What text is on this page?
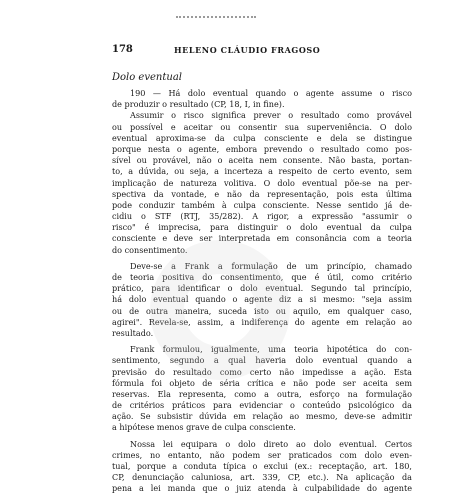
178	HELENO CLÁUDIO FRAGOSO
Dolo eventual
190 — Há dolo eventual quando o agente assume o risco
de produzir o resultado (CP, 18, I, in fine).
Assumir o risco significa prever o resultado como provável
ou possível e aceitar ou consentir sua superveniência. O dolo
eventual aproxima-se da culpa consciente e dela se distingue
porque nesta o agente, embora prevendo o resultado como pos-
sível ou provável, não o aceita nem consente. Não basta, portan-
to, a dúvida, ou seja, a incerteza a respeito de certo evento, sem
implicação de natureza volitiva. O dolo eventual põe-se na per-
spectiva da vontade, e não da representação, pois esta última
pode conduzir também à culpa consciente. Nesse sentido já de-
cidiu o STF (RTJ, 35/282). A rigor, a expressão "assumir o
risco" é imprecisa, para distinguir o dolo eventual da culpa
consciente e deve ser interpretada em consonância com a teoria
do consentimento.
Deve-se a Frank a formulação de um princípio, chamado
de teoria positiva do consentimento, que é útil, como critério
prático, para identificar o dolo eventual. Segundo tal princípio,
há dolo eventual quando o agente diz a si mesmo: "seja assim
ou de outra maneira, suceda isto ou aquilo, em qualquer caso,
agirei". Revela-se, assim, a indiferença do agente em relação ao
resultado.
Frank formulou, igualmente, uma teoria hipotética do con-
sentimento, segundo a qual haveria dolo eventual quando a
previsão do resultado como certo não impedisse a ação. Esta
fórmula foi objeto de séria crítica e não pode ser aceita sem
reservas. Ela representa, como a outra, esforço na formulação
de critérios práticos para evidenciar o conteúdo psicológico da
ação. Se subsistir dúvida em relação ao mesmo, deve-se admitir
a hipótese menos grave de culpa consciente.
Nossa lei equipara o dolo direto ao dolo eventual. Certos
crimes, no entanto, não podem ser praticados com dolo even-
tual, porque a conduta típica o exclui (ex.: receptação, art. 180,
CP, denunciação caluniosa, art. 339, CP, etc.). Na aplicação da
pena a lei manda que o juiz atenda à culpabilidade do agente
